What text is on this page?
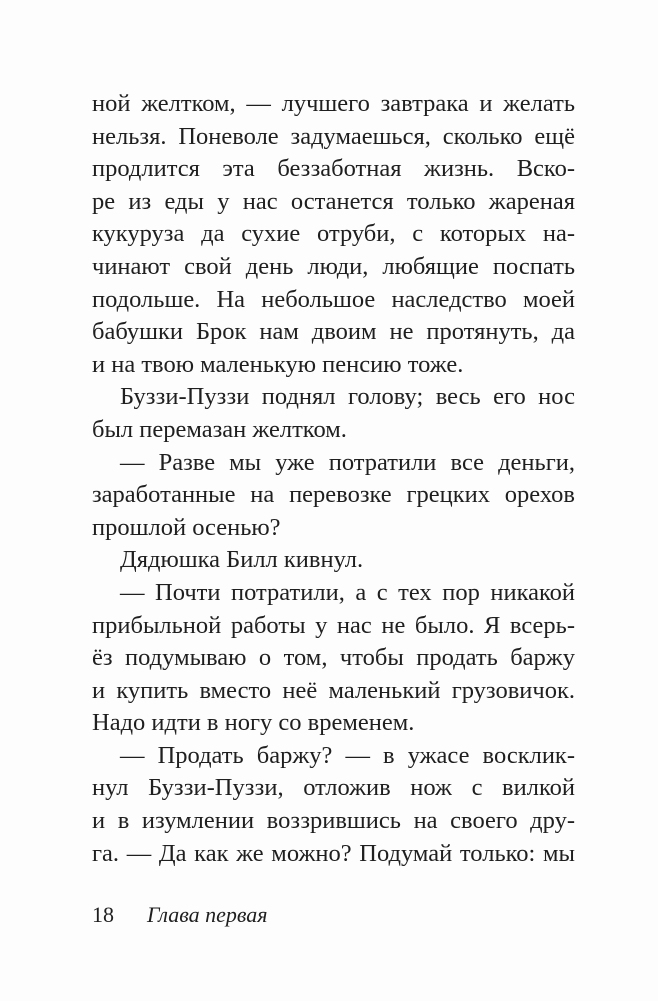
ной желтком, — лучшего завтрака и желать
нельзя. Поневоле задумаешься, сколько ещё
продлится эта беззаботная жизнь. Вско-
ре из еды у нас останется только жареная
кукуруза да сухие отруби, с которых на-
чинают свой день люди, любящие поспать
подольше. На небольшое наследство моей
бабушки Брок нам двоим не протянуть, да
и на твою маленькую пенсию тоже.
Буззи-Пуззи поднял голову; весь его нос
был перемазан желтком.
— Разве мы уже потратили все деньги,
заработанные на перевозке грецких орехов
прошлой осенью?
Дядюшка Билл кивнул.
— Почти потратили, а с тех пор никакой
прибыльной работы у нас не было. Я всерь-
ёз подумываю о том, чтобы продать баржу
и купить вместо неё маленький грузовичок.
Надо идти в ногу со временем.
— Продать баржу? — в ужасе восклик-
нул Буззи-Пуззи, отложив нож с вилкой
и в изумлении воззрившись на своего дру-
га. — Да как же можно? Подумай только: мы
18 Глава первая
